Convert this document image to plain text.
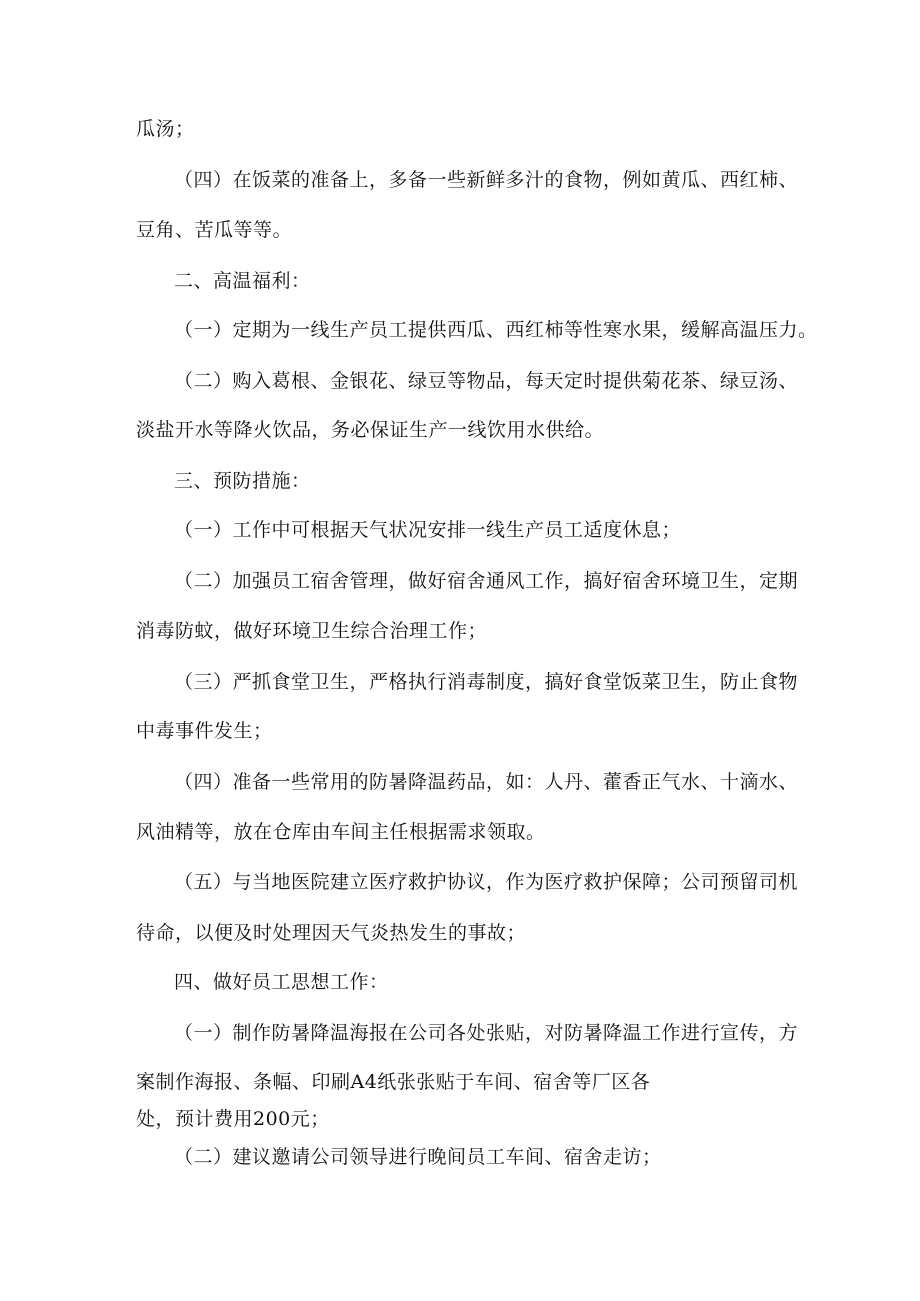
瓜汤；
（四）在饭菜的准备上，多备一些新鲜多汁的食物，例如黄瓜、西红柿、
豆角、苦瓜等等。
二、高温福利：
（一）定期为一线生产员工提供西瓜、西红柿等性寒水果，缓解高温压力。
（二）购入葛根、金银花、绿豆等物品，每天定时提供菊花茶、绿豆汤、
淡盐开水等降火饮品，务必保证生产一线饮用水供给。
三、预防措施：
（一）工作中可根据天气状况安排一线生产员工适度休息；
（二）加强员工宿舍管理，做好宿舍通风工作，搞好宿舍环境卫生，定期
消毒防蚊，做好环境卫生综合治理工作；
（三）严抓食堂卫生，严格执行消毒制度，搞好食堂饭菜卫生，防止食物
中毒事件发生；
（四）准备一些常用的防暑降温药品，如：人丹、藿香正气水、十滴水、
风油精等，放在仓库由车间主任根据需求领取。
（五）与当地医院建立医疗救护协议，作为医疗救护保障；公司预留司机
待命，以便及时处理因天气炎热发生的事故；
四、做好员工思想工作：
（一）制作防暑降温海报在公司各处张贴，对防暑降温工作进行宣传，方
案制作海报、条幅、印刷A4纸张张贴于车间、宿舍等厂区各
处，预计费用200元；
（二）建议邀请公司领导进行晚间员工车间、宿舍走访；
